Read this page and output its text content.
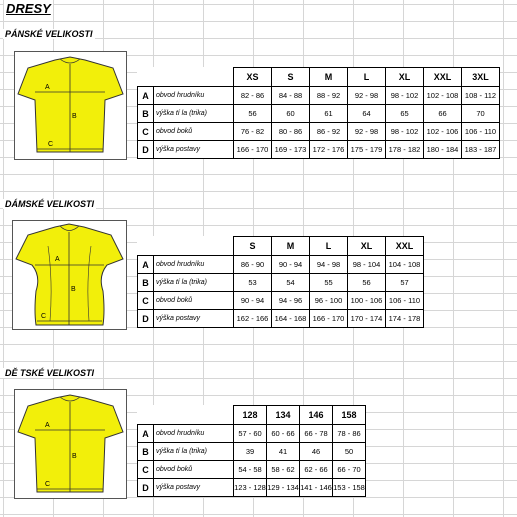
DRESY
PÁNSKÉ VELIKOSTI
A
B
C
		XS	S	M	L	XL	XXL	3XL
A	obvod hrudníku	82 - 86	84 - 88	88 - 92	92 - 98	98 - 102	102 - 108	108 - 112
B	výška tí la (trika)	56	60	61	64	65	66	70
C	obvod boků	76 - 82	80 - 86	86 - 92	92 - 98	98 - 102	102 - 106	106 - 110
D	výška postavy	166 - 170	169 - 173	172 - 176	175 - 179	178 - 182	180 - 184	183 - 187
DÁMSKÉ VELIKOSTI
A
B
C
		S	M	L	XL	XXL
A	obvod hrudníku	86 - 90	90 - 94	94 - 98	98 - 104	104 - 108
B	výška tí la (trika)	53	54	55	56	57
C	obvod boků	90 - 94	94 - 96	96 - 100	100 - 106	106 - 110
D	výška postavy	162 - 166	164 - 168	166 - 170	170 - 174	174 - 178
DĚ TSKÉ VELIKOSTI
A
B
C
		128	134	146	158
A	obvod hrudníku	57 - 60	60 - 66	66 - 78	78 - 86
B	výška tí la (trika)	39	41	46	50
C	obvod boků	54 - 58	58 - 62	62 - 66	66 - 70
D	výška postavy	123 - 128	129 - 134	141 - 146	153 - 158
